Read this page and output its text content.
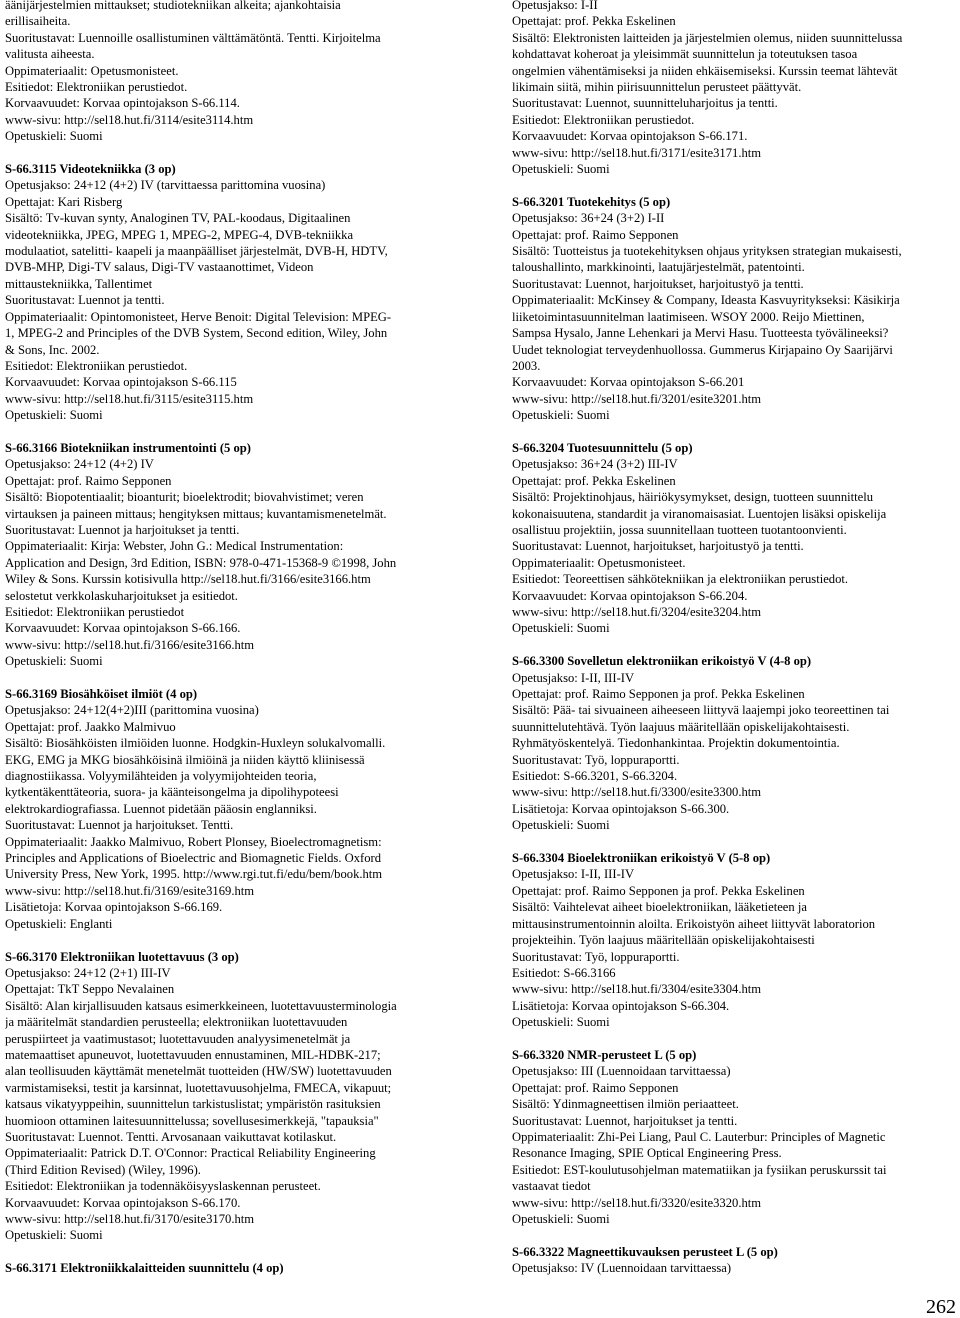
äänijärjestelmien mittaukset; studiotekniikan alkeita; ajankohtaisia
erillisaiheita.
Suoritustavat: Luennoille osallistuminen välttämätöntä. Tentti. Kirjoitelma
valitusta aiheesta.
Oppimateriaalit: Opetusmonisteet.
Esitiedot: Elektroniikan perustiedot.
Korvaavuudet: Korvaa opintojakson S-66.114.
www-sivu: http://sel18.hut.fi/3114/esite3114.htm
Opetuskieli: Suomi
S-66.3115 Videotekniikka (3 op)
Opetusjakso: 24+12 (4+2) IV (tarvittaessa parittomina vuosina)
Opettajat: Kari Risberg
Sisältö: Tv-kuvan synty, Analoginen TV, PAL-koodaus, Digitaalinen
videotekniikka, JPEG, MPEG 1, MPEG-2, MPEG-4, DVB-tekniikka
modulaatiot, satelitti- kaapeli ja maanpäälliset järjestelmät, DVB-H, HDTV,
DVB-MHP, Digi-TV salaus, Digi-TV vastaanottimet, Videon
mittaustekniikka, Tallentimet
Suoritustavat: Luennot ja tentti.
Oppimateriaalit: Opintomonisteet, Herve Benoit: Digital Television: MPEG-
1, MPEG-2 and Principles of the DVB System, Second edition, Wiley, John
& Sons, Inc. 2002.
Esitiedot: Elektroniikan perustiedot.
Korvaavuudet: Korvaa opintojakson S-66.115
www-sivu: http://sel18.hut.fi/3115/esite3115.htm
Opetuskieli: Suomi
S-66.3166 Biotekniikan instrumentointi (5 op)
Opetusjakso: 24+12 (4+2) IV
Opettajat: prof. Raimo Sepponen
Sisältö: Biopotentiaalit; bioanturit; bioelektrodit; biovahvistimet; veren
virtauksen ja paineen mittaus; hengityksen mittaus; kuvantamismenetelmät.
Suoritustavat: Luennot ja harjoitukset ja tentti.
Oppimateriaalit: Kirja: Webster, John G.: Medical Instrumentation:
Application and Design, 3rd Edition, ISBN: 978-0-471-15368-9 ©1998, John
Wiley & Sons. Kurssin kotisivulla http://sel18.hut.fi/3166/esite3166.htm
selostetut verkkolaskuharjoitukset ja esitiedot.
Esitiedot: Elektroniikan perustiedot
Korvaavuudet: Korvaa opintojakson S-66.166.
www-sivu: http://sel18.hut.fi/3166/esite3166.htm
Opetuskieli: Suomi
S-66.3169 Biosähköiset ilmiöt (4 op)
Opetusjakso: 24+12(4+2)III (parittomina vuosina)
Opettajat: prof. Jaakko Malmivuo
Sisältö: Biosähköisten ilmiöiden luonne. Hodgkin-Huxleyn solukalvomalli.
EKG, EMG ja MKG biosähköisinä ilmiöinä ja niiden käyttö kliinisessä
diagnostiikassa. Volyymilähteiden ja volyymijohteiden teoria,
kytkentäkenttäteoria, suora- ja käänteisongelma ja dipolihypoteesi
elektrokardiografiassa. Luennot pidetään pääosin englanniksi.
Suoritustavat: Luennot ja harjoitukset. Tentti.
Oppimateriaalit: Jaakko Malmivuo, Robert Plonsey, Bioelectromagnetism:
Principles and Applications of Bioelectric and Biomagnetic Fields. Oxford
University Press, New York, 1995. http://www.rgi.tut.fi/edu/bem/book.htm
www-sivu: http://sel18.hut.fi/3169/esite3169.htm
Lisätietoja: Korvaa opintojakson S-66.169.
Opetuskieli: Englanti
S-66.3170 Elektroniikan luotettavuus (3 op)
Opetusjakso: 24+12 (2+1) III-IV
Opettajat: TkT Seppo Nevalainen
Sisältö: Alan kirjallisuuden katsaus esimerkkeineen, luotettavuusterminologia
ja määritelmät standardien perusteella; elektroniikan luotettavuuden
peruspiirteet ja vaatimustasot; luotettavuuden analyysimenetelmät ja
matemaattiset apuneuvot, luotettavuuden ennustaminen, MIL-HDBK-217;
alan teollisuuden käyttämät menetelmät tuotteiden (HW/SW) luotettavuuden
varmistamiseksi, testit ja karsinnat, luotettavuusohjelma, FMECA, vikapuut;
katsaus vikatyyppeihin, suunnittelun tarkistuslistat; ympäristön rasituksien
huomioon ottaminen laitesuunnittelussa; sovellusesimerkkejä, "tapauksia"
Suoritustavat: Luennot. Tentti. Arvosanaan vaikuttavat kotilaskut.
Oppimateriaalit: Patrick D.T. O'Connor: Practical Reliability Engineering
(Third Edition Revised) (Wiley, 1996).
Esitiedot: Elektroniikan ja todennäköisyyslaskennan perusteet.
Korvaavuudet: Korvaa opintojakson S-66.170.
www-sivu: http://sel18.hut.fi/3170/esite3170.htm
Opetuskieli: Suomi
S-66.3171 Elektroniikkalaitteiden suunnittelu (4 op)
Opetusjakso: I-II
Opettajat: prof. Pekka Eskelinen
Sisältö: Elektronisten laitteiden ja järjestelmien olemus, niiden suunnittelussa
kohdattavat koheroat ja yleisimmät suunnittelun ja toteutuksen tasoa
ongelmien vähentämiseksi ja niiden ehkäisemiseksi. Kurssin teemat lähtevät
likimain siitä, mihin piirisuunnittelun perusteet päättyvät.
Suoritustavat: Luennot, suunnitteluharjoitus ja tentti.
Esitiedot: Elektroniikan perustiedot.
Korvaavuudet: Korvaa opintojakson S-66.171.
www-sivu: http://sel18.hut.fi/3171/esite3171.htm
Opetuskieli: Suomi
S-66.3201 Tuotekehitys (5 op)
Opetusjakso: 36+24 (3+2) I-II
Opettajat: prof. Raimo Sepponen
Sisältö: Tuotteistus ja tuotekehityksen ohjaus yrityksen strategian mukaisesti,
taloushallinto, markkinointi, laatujärjestelmät, patentointi.
Suoritustavat: Luennot, harjoitukset, harjoitustyö ja tentti.
Oppimateriaalit: McKinsey & Company, Ideasta Kasvuyritykseksi: Käsikirja
liiketoimintasuunnitelman laatimiseen. WSOY 2000. Reijo Miettinen,
Sampsa Hysalo, Janne Lehenkari ja Mervi Hasu. Tuotteesta työvälineeksi?
Uudet teknologiat terveydenhuollossa. Gummerus Kirjapaino Oy Saarijärvi
2003.
Korvaavuudet: Korvaa opintojakson S-66.201
www-sivu: http://sel18.hut.fi/3201/esite3201.htm
Opetuskieli: Suomi
S-66.3204 Tuotesuunnittelu (5 op)
Opetusjakso: 36+24 (3+2) III-IV
Opettajat: prof. Pekka Eskelinen
Sisältö: Projektinohjaus, häiriökysymykset, design, tuotteen suunnittelu
kokonaisuutena, standardit ja viranomaisasiat. Luentojen lisäksi opiskelija
osallistuu projektiin, jossa suunnitellaan tuotteen tuotantoonvienti.
Suoritustavat: Luennot, harjoitukset, harjoitustyö ja tentti.
Oppimateriaalit: Opetusmonisteet.
Esitiedot: Teoreettisen sähkötekniikan ja elektroniikan perustiedot.
Korvaavuudet: Korvaa opintojakson S-66.204.
www-sivu: http://sel18.hut.fi/3204/esite3204.htm
Opetuskieli: Suomi
S-66.3300 Sovelletun elektroniikan erikoistyö V (4-8 op)
Opetusjakso: I-II, III-IV
Opettajat: prof. Raimo Sepponen ja prof. Pekka Eskelinen
Sisältö: Pää- tai sivuaineen aiheeseen liittyvä laajempi joko teoreettinen tai
suunnittelutehtävä. Työn laajuus määritellään opiskelijakohtaisesti.
Ryhmätyöskentelyä. Tiedonhankintaa. Projektin dokumentointia.
Suoritustavat: Työ, loppuraportti.
Esitiedot: S-66.3201, S-66.3204.
www-sivu: http://sel18.hut.fi/3300/esite3300.htm
Lisätietoja: Korvaa opintojakson S-66.300.
Opetuskieli: Suomi
S-66.3304 Bioelektroniikan erikoistyö V (5-8 op)
Opetusjakso: I-II, III-IV
Opettajat: prof. Raimo Sepponen ja prof. Pekka Eskelinen
Sisältö: Vaihtelevat aiheet bioelektroniikan, lääketieteen ja
mittausinstrumentoinnin aloilta. Erikoistyön aiheet liittyvät laboratorion
projekteihin. Työn laajuus määritellään opiskelijakohtaisesti
Suoritustavat: Työ, loppuraportti.
Esitiedot: S-66.3166
www-sivu: http://sel18.hut.fi/3304/esite3304.htm
Lisätietoja: Korvaa opintojakson S-66.304.
Opetuskieli: Suomi
S-66.3320 NMR-perusteet L (5 op)
Opetusjakso: III (Luennoidaan tarvittaessa)
Opettajat: prof. Raimo Sepponen
Sisältö: Ydinmagneettisen ilmiön periaatteet.
Suoritustavat: Luennot, harjoitukset ja tentti.
Oppimateriaalit: Zhi-Pei Liang, Paul C. Lauterbur: Principles of Magnetic
Resonance Imaging, SPIE Optical Engineering Press.
Esitiedot: EST-koulutusohjelman matematiikan ja fysiikan peruskurssit tai
vastaavat tiedot
www-sivu: http://sel18.hut.fi/3320/esite3320.htm
Opetuskieli: Suomi
S-66.3322 Magneettikuvauksen perusteet L (5 op)
Opetusjakso: IV (Luennoidaan tarvittaessa)
262
